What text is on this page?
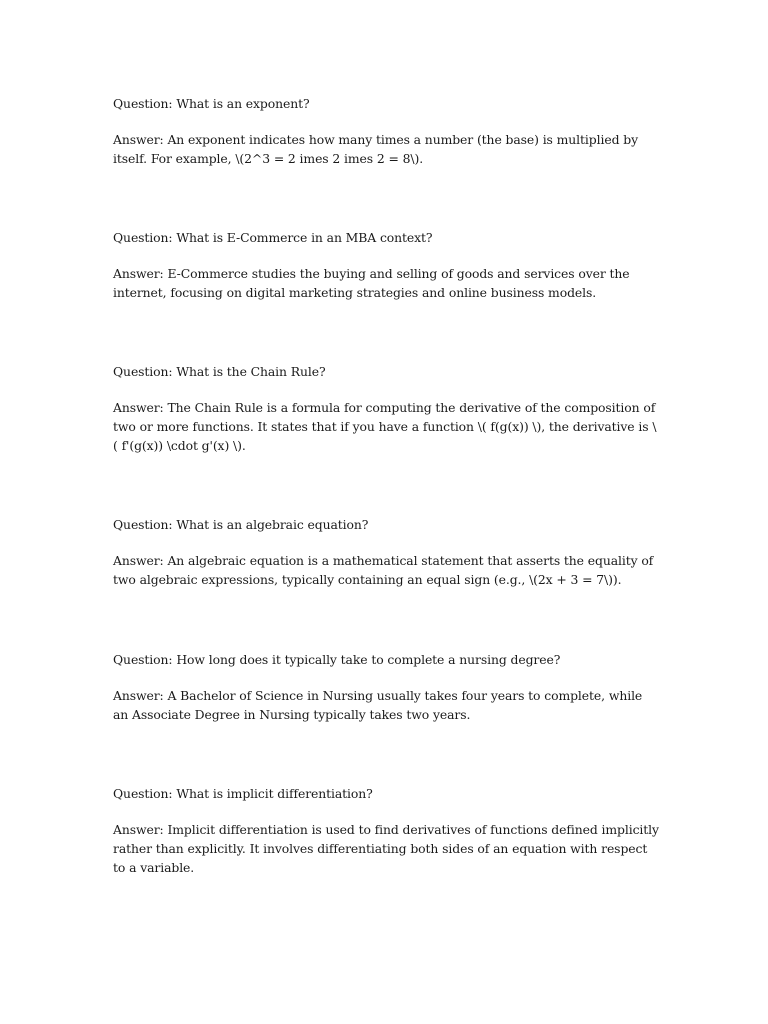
Question: What is an exponent?

Answer: An exponent indicates how many times a number (the base) is multiplied by itself. For example, \(2^3 = 2 imes 2 imes 2 = 8\).

Question: What is E-Commerce in an MBA context?

Answer: E-Commerce studies the buying and selling of goods and services over the internet, focusing on digital marketing strategies and online business models.

Question: What is the Chain Rule?

Answer: The Chain Rule is a formula for computing the derivative of the composition of two or more functions. It states that if you have a function \( f(g(x)) \), the derivative is \( f'(g(x)) \cdot g'(x) \).

Question: What is an algebraic equation?

Answer: An algebraic equation is a mathematical statement that asserts the equality of two algebraic expressions, typically containing an equal sign (e.g., \(2x + 3 = 7\)).

Question: How long does it typically take to complete a nursing degree?

Answer: A Bachelor of Science in Nursing usually takes four years to complete, while an Associate Degree in Nursing typically takes two years.

Question: What is implicit differentiation?

Answer: Implicit differentiation is used to find derivatives of functions defined implicitly rather than explicitly. It involves differentiating both sides of an equation with respect to a variable.
